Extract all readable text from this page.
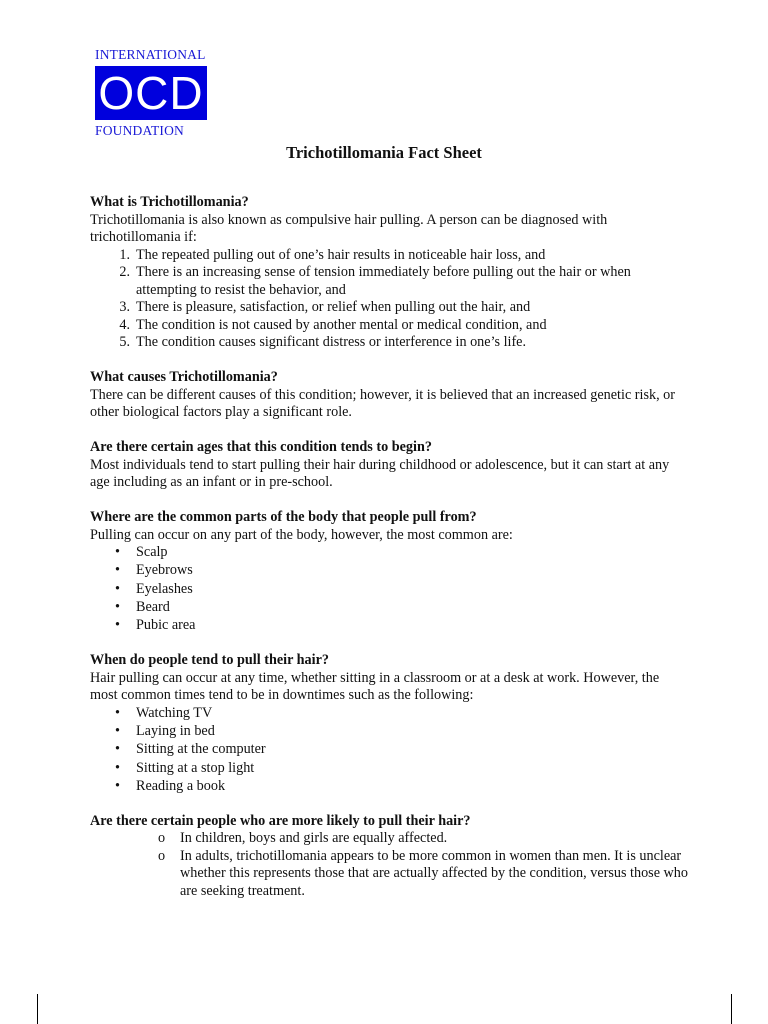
INTERNATIONAL
OCD
FOUNDATION
Trichotillomania Fact Sheet
What is Trichotillomania?

Trichotillomania is also known as compulsive hair pulling. A person can be diagnosed with trichotillomania if:

1. The repeated pulling out of one’s hair results in noticeable hair loss, and
2. There is an increasing sense of tension immediately before pulling out the hair or when attempting to resist the behavior, and
3. There is pleasure, satisfaction, or relief when pulling out the hair, and
4. The condition is not caused by another mental or medical condition, and
5. The condition causes significant distress or interference in one’s life.
What causes Trichotillomania?

There can be different causes of this condition; however, it is believed that an increased genetic risk, or other biological factors play a significant role.

Are there certain ages that this condition tends to begin?

Most individuals tend to start pulling their hair during childhood or adolescence, but it can start at any age including as an infant or in pre-school.

Where are the common parts of the body that people pull from?

Pulling can occur on any part of the body, however, the most common are:

•	Scalp
•	Eyebrows
•	Eyelashes
•	Beard
•	Pubic area
When do people tend to pull their hair?

Hair pulling can occur at any time, whether sitting in a classroom or at a desk at work. However, the most common times tend to be in downtimes such as the following:

•	Watching TV
•	Laying in bed
•	Sitting at the computer
•	Sitting at a stop light
•	Reading a book
Are there certain people who are more likely to pull their hair?
o	In children, boys and girls are equally affected.
o	In adults, trichotillomania appears to be more common in women than men. It is unclear whether this represents those that are actually affected by the condition, versus those who are seeking treatment.
